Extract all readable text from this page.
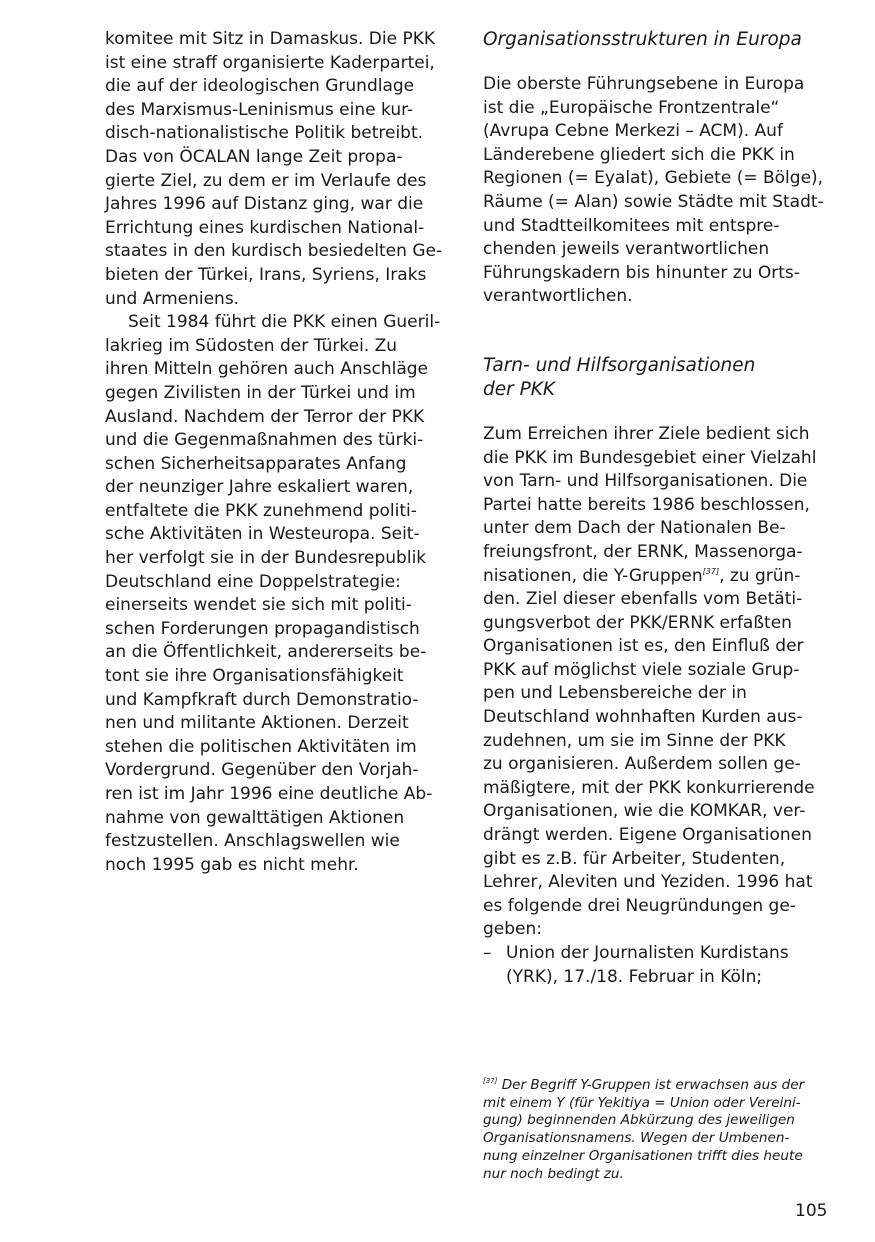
komitee mit Sitz in Damaskus. Die PKK
ist eine straff organisierte Kaderpartei,
die auf der ideologischen Grundlage
des Marxismus-Leninismus eine kur-
disch-nationalistische Politik betreibt.
Das von ÖCALAN lange Zeit propa-
gierte Ziel, zu dem er im Verlaufe des
Jahres 1996 auf Distanz ging, war die
Errichtung eines kurdischen National-
staates in den kurdisch besiedelten Ge-
bieten der Türkei, Irans, Syriens, Iraks
und Armeniens.
Seit 1984 führt die PKK einen Gueril-
lakrieg im Südosten der Türkei. Zu
ihren Mitteln gehören auch Anschläge
gegen Zivilisten in der Türkei und im
Ausland. Nachdem der Terror der PKK
und die Gegenmaßnahmen des türki-
schen Sicherheitsapparates Anfang
der neunziger Jahre eskaliert waren,
entfaltete die PKK zunehmend politi-
sche Aktivitäten in Westeuropa. Seit-
her verfolgt sie in der Bundesrepublik
Deutschland eine Doppelstrategie:
einerseits wendet sie sich mit politi-
schen Forderungen propagandistisch
an die Öffentlichkeit, andererseits be-
tont sie ihre Organisationsfähigkeit
und Kampfkraft durch Demonstratio-
nen und militante Aktionen. Derzeit
stehen die politischen Aktivitäten im
Vordergrund. Gegenüber den Vorjah-
ren ist im Jahr 1996 eine deutliche Ab-
nahme von gewalttätigen Aktionen
festzustellen. Anschlagswellen wie
noch 1995 gab es nicht mehr.
Organisationsstrukturen in Europa
Die oberste Führungsebene in Europa
ist die „Europäische Frontzentrale“
(Avrupa Cebne Merkezi – ACM). Auf
Länderebene gliedert sich die PKK in
Regionen (= Eyalat), Gebiete (= Bölge),
Räume (= Alan) sowie Städte mit Stadt-
und Stadtteilkomitees mit entspre-
chenden jeweils verantwortlichen
Führungskadern bis hinunter zu Orts-
verantwortlichen.
Tarn- und Hilfsorganisationen
der PKK
Zum Erreichen ihrer Ziele bedient sich
die PKK im Bundesgebiet einer Vielzahl
von Tarn- und Hilfsorganisationen. Die
Partei hatte bereits 1986 beschlossen,
unter dem Dach der Nationalen Be-
freiungsfront, der ERNK, Massenorga-
nisationen, die Y-Gruppen[37], zu grün-
den. Ziel dieser ebenfalls vom Betäti-
gungsverbot der PKK/ERNK erfaßten
Organisationen ist es, den Einfluß der
PKK auf möglichst viele soziale Grup-
pen und Lebensbereiche der in
Deutschland wohnhaften Kurden aus-
zudehnen, um sie im Sinne der PKK
zu organisieren. Außerdem sollen ge-
mäßigtere, mit der PKK konkurrierende
Organisationen, wie die KOMKAR, ver-
drängt werden. Eigene Organisationen
gibt es z.B. für Arbeiter, Studenten,
Lehrer, Aleviten und Yeziden. 1996 hat
es folgende drei Neugründungen ge-
geben:
– Union der Journalisten Kurdistans
(YRK), 17./18. Februar in Köln;
[37] Der Begriff Y-Gruppen ist erwachsen aus der
mit einem Y (für Yekitiya = Union oder Vereini-
gung) beginnenden Abkürzung des jeweiligen
Organisationsnamens. Wegen der Umbenen-
nung einzelner Organisationen trifft dies heute
nur noch bedingt zu.
105
